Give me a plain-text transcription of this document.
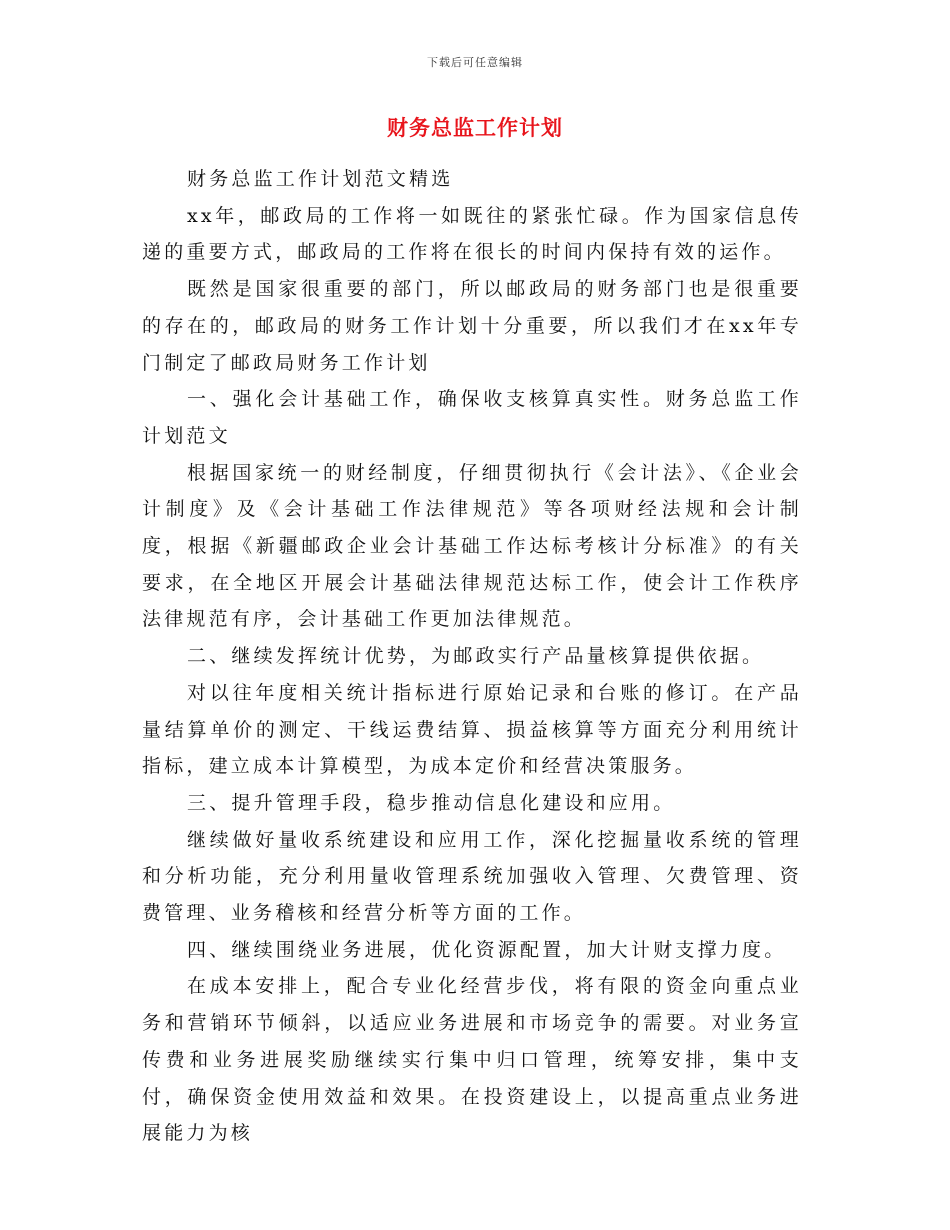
下载后可任意编辑
财务总监工作计划

财务总监工作计划范文精选

xx年，邮政局的工作将一如既往的紧张忙碌。作为国家信息传递的重要方式，邮政局的工作将在很长的时间内保持有效的运作。

既然是国家很重要的部门，所以邮政局的财务部门也是很重要的存在的，邮政局的财务工作计划十分重要，所以我们才在xx年专门制定了邮政局财务工作计划

一、强化会计基础工作，确保收支核算真实性。财务总监工作计划范文

根据国家统一的财经制度，仔细贯彻执行《会计法》、《企业会计制度》及《会计基础工作法律规范》等各项财经法规和会计制度，根据《新疆邮政企业会计基础工作达标考核计分标准》的有关要求，在全地区开展会计基础法律规范达标工作，使会计工作秩序法律规范有序，会计基础工作更加法律规范。

二、继续发挥统计优势，为邮政实行产品量核算提供依据。

对以往年度相关统计指标进行原始记录和台账的修订。在产品量结算单价的测定、干线运费结算、损益核算等方面充分利用统计指标，建立成本计算模型，为成本定价和经营决策服务。

三、提升管理手段，稳步推动信息化建设和应用。

继续做好量收系统建设和应用工作，深化挖掘量收系统的管理和分析功能，充分利用量收管理系统加强收入管理、欠费管理、资费管理、业务稽核和经营分析等方面的工作。

四、继续围绕业务进展，优化资源配置，加大计财支撑力度。

在成本安排上，配合专业化经营步伐，将有限的资金向重点业务和营销环节倾斜，以适应业务进展和市场竞争的需要。对业务宣传费和业务进展奖励继续实行集中归口管理，统筹安排，集中支付，确保资金使用效益和效果。在投资建设上，以提高重点业务进展能力为核
